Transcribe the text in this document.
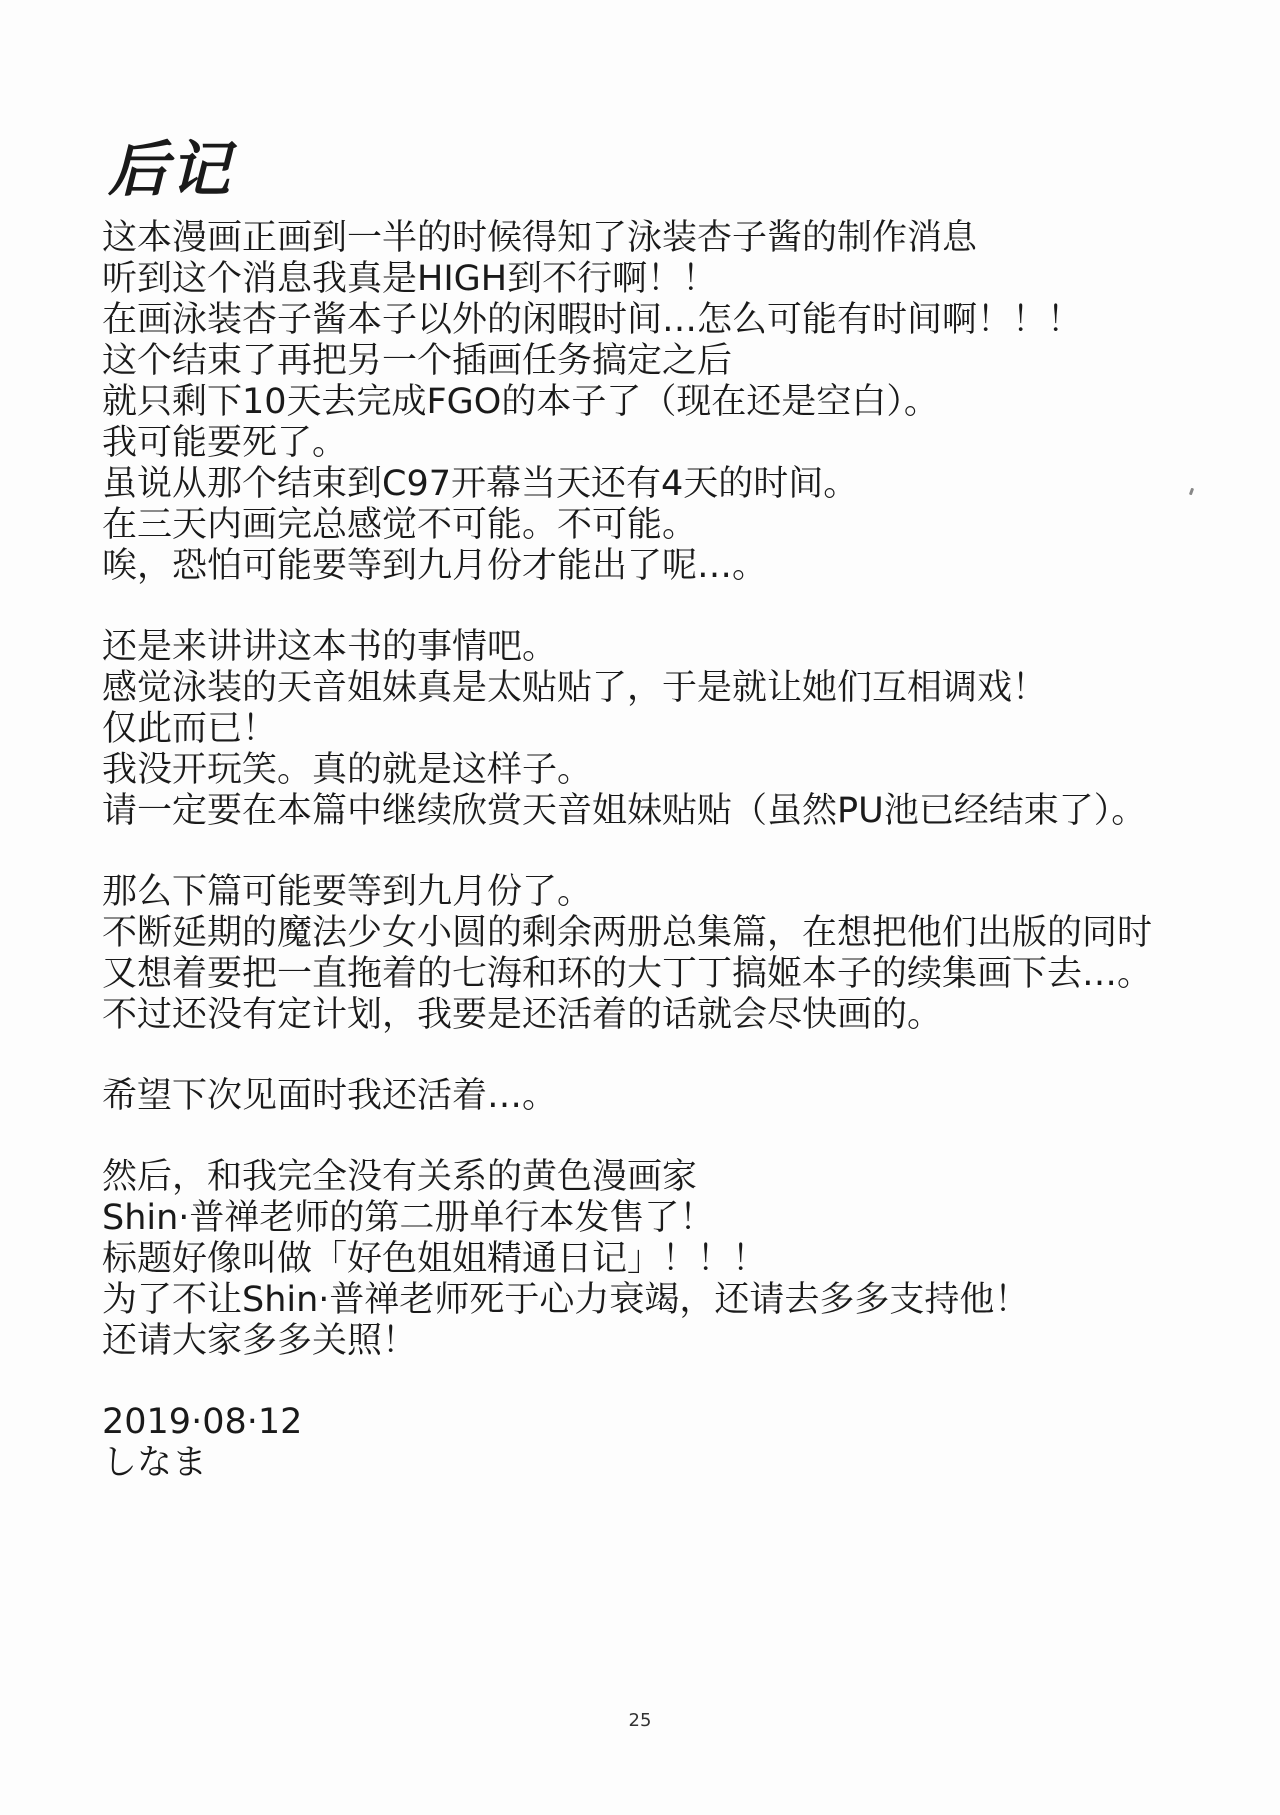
后记
这本漫画正画到一半的时候得知了泳装杏子酱的制作消息
听到这个消息我真是HIGH到不行啊！！
在画泳装杏子酱本子以外的闲暇时间…怎么可能有时间啊！！！
这个结束了再把另一个插画任务搞定之后
就只剩下10天去完成FGO的本子了（现在还是空白）。
我可能要死了。
虽说从那个结束到C97开幕当天还有4天的时间。
在三天内画完总感觉不可能。不可能。
唉，恐怕可能要等到九月份才能出了呢…。
还是来讲讲这本书的事情吧。
感觉泳装的天音姐妹真是太贴贴了，于是就让她们互相调戏！
仅此而已！
我没开玩笑。真的就是这样子。
请一定要在本篇中继续欣赏天音姐妹贴贴（虽然PU池已经结束了）。
那么下篇可能要等到九月份了。
不断延期的魔法少女小圆的剩余两册总集篇，在想把他们出版的同时
又想着要把一直拖着的七海和环的大丁丁搞姬本子的续集画下去…。
不过还没有定计划，我要是还活着的话就会尽快画的。
希望下次见面时我还活着…。
然后，和我完全没有关系的黄色漫画家
Shin·普禅老师的第二册单行本发售了！
标题好像叫做「好色姐姐精通日记」！！！
为了不让Shin·普禅老师死于心力衰竭，还请去多多支持他！
还请大家多多关照！
2019·08·12
しなま
25
